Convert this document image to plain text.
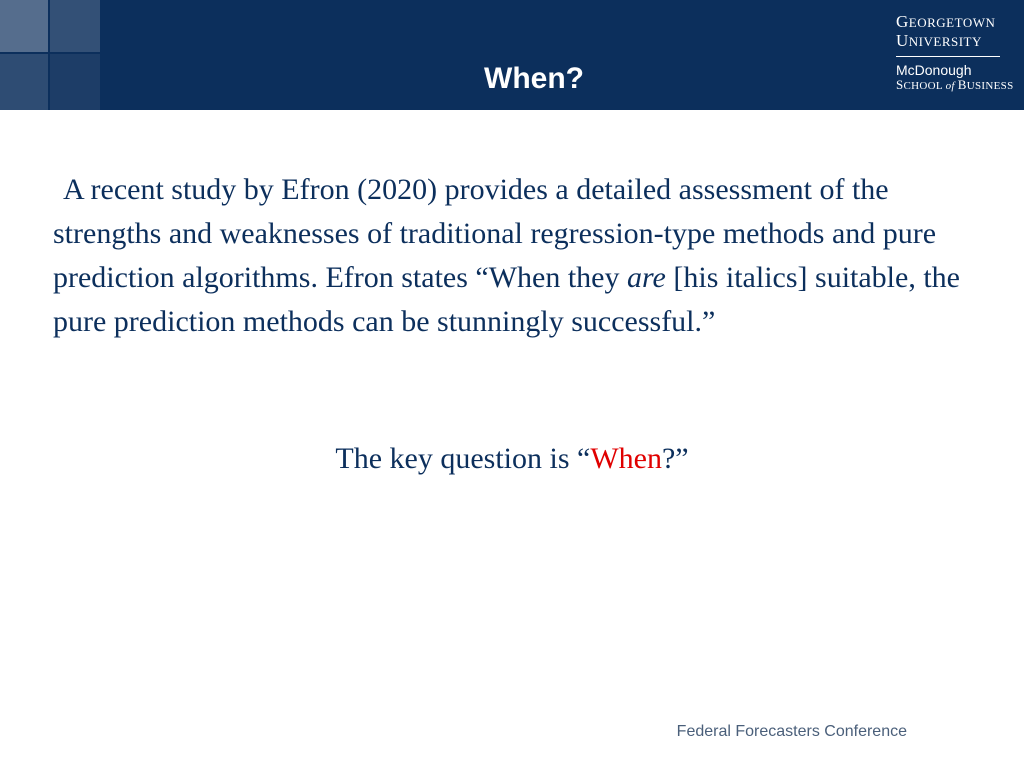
When?
GEORGETOWN
UNIVERSITY
McDonough
SCHOOL of BUSINESS
A recent study by Efron (2020) provides a detailed assessment of the strengths and weaknesses of traditional regression-type methods and pure prediction algorithms. Efron states “When they are [his italics] suitable, the pure prediction methods can be stunningly successful.”
The key question is “When?”
Federal Forecasters Conference
